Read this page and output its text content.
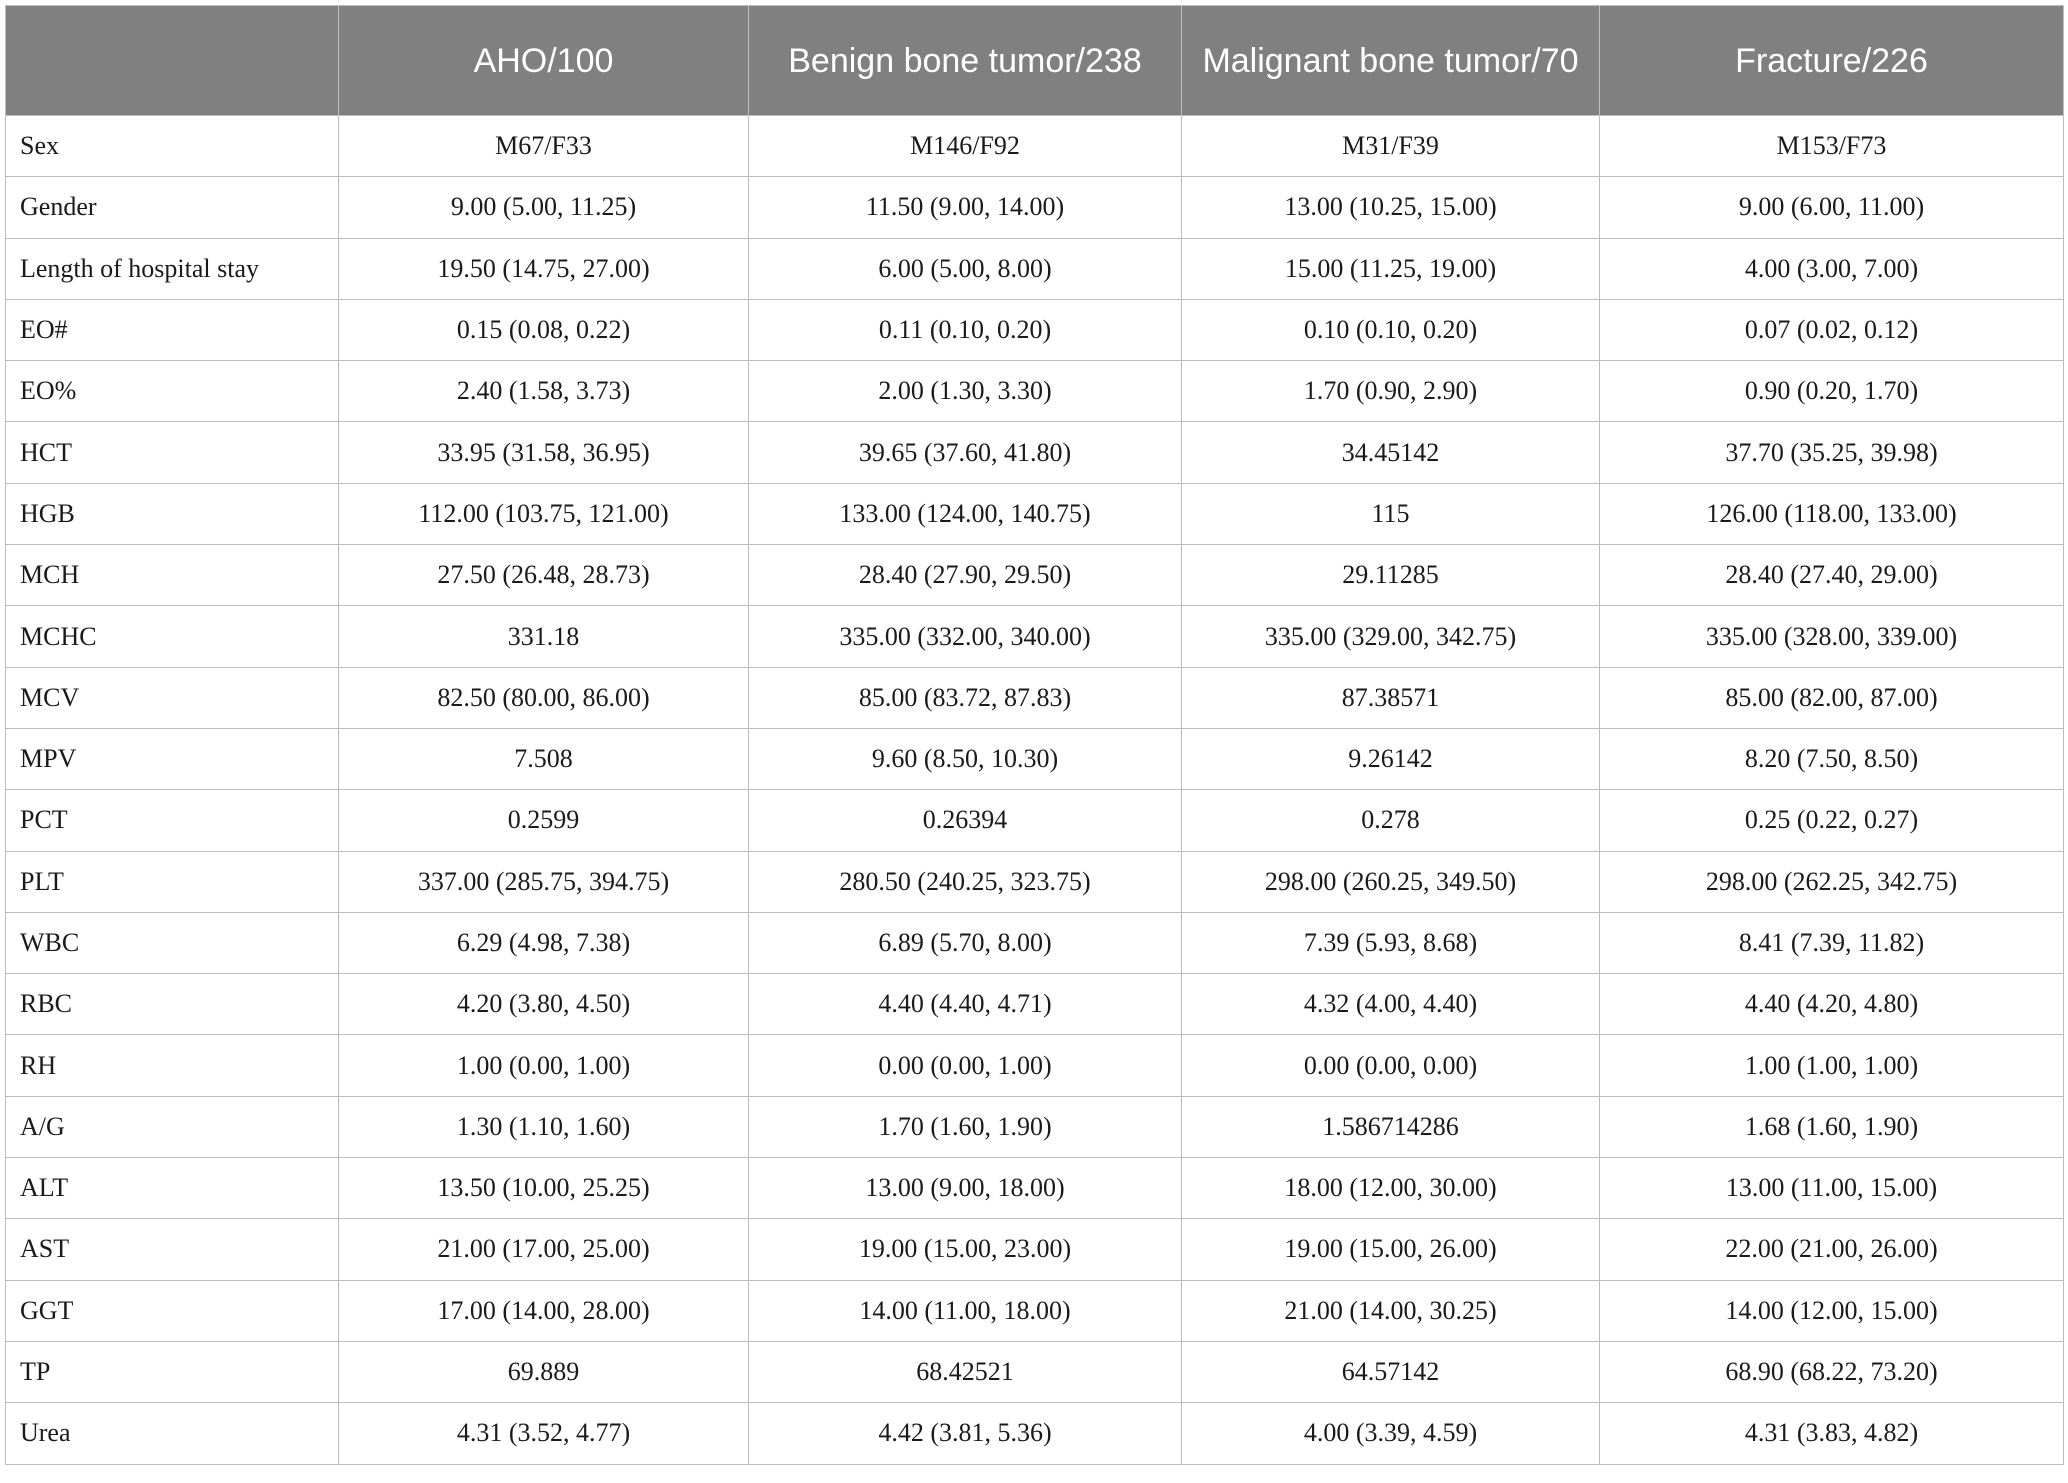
	AHO/100	Benign bone tumor/238	Malignant bone tumor/70	Fracture/226
Sex	M67/F33	M146/F92	M31/F39	M153/F73
Gender	9.00 (5.00, 11.25)	11.50 (9.00, 14.00)	13.00 (10.25, 15.00)	9.00 (6.00, 11.00)
Length of hospital stay	19.50 (14.75, 27.00)	6.00 (5.00, 8.00)	15.00 (11.25, 19.00)	4.00 (3.00, 7.00)
EO#	0.15 (0.08, 0.22)	0.11 (0.10, 0.20)	0.10 (0.10, 0.20)	0.07 (0.02, 0.12)
EO%	2.40 (1.58, 3.73)	2.00 (1.30, 3.30)	1.70 (0.90, 2.90)	0.90 (0.20, 1.70)
HCT	33.95 (31.58, 36.95)	39.65 (37.60, 41.80)	34.45142	37.70 (35.25, 39.98)
HGB	112.00 (103.75, 121.00)	133.00 (124.00, 140.75)	115	126.00 (118.00, 133.00)
MCH	27.50 (26.48, 28.73)	28.40 (27.90, 29.50)	29.11285	28.40 (27.40, 29.00)
MCHC	331.18	335.00 (332.00, 340.00)	335.00 (329.00, 342.75)	335.00 (328.00, 339.00)
MCV	82.50 (80.00, 86.00)	85.00 (83.72, 87.83)	87.38571	85.00 (82.00, 87.00)
MPV	7.508	9.60 (8.50, 10.30)	9.26142	8.20 (7.50, 8.50)
PCT	0.2599	0.26394	0.278	0.25 (0.22, 0.27)
PLT	337.00 (285.75, 394.75)	280.50 (240.25, 323.75)	298.00 (260.25, 349.50)	298.00 (262.25, 342.75)
WBC	6.29 (4.98, 7.38)	6.89 (5.70, 8.00)	7.39 (5.93, 8.68)	8.41 (7.39, 11.82)
RBC	4.20 (3.80, 4.50)	4.40 (4.40, 4.71)	4.32 (4.00, 4.40)	4.40 (4.20, 4.80)
RH	1.00 (0.00, 1.00)	0.00 (0.00, 1.00)	0.00 (0.00, 0.00)	1.00 (1.00, 1.00)
A/G	1.30 (1.10, 1.60)	1.70 (1.60, 1.90)	1.586714286	1.68 (1.60, 1.90)
ALT	13.50 (10.00, 25.25)	13.00 (9.00, 18.00)	18.00 (12.00, 30.00)	13.00 (11.00, 15.00)
AST	21.00 (17.00, 25.00)	19.00 (15.00, 23.00)	19.00 (15.00, 26.00)	22.00 (21.00, 26.00)
GGT	17.00 (14.00, 28.00)	14.00 (11.00, 18.00)	21.00 (14.00, 30.25)	14.00 (12.00, 15.00)
TP	69.889	68.42521	64.57142	68.90 (68.22, 73.20)
Urea	4.31 (3.52, 4.77)	4.42 (3.81, 5.36)	4.00 (3.39, 4.59)	4.31 (3.83, 4.82)
